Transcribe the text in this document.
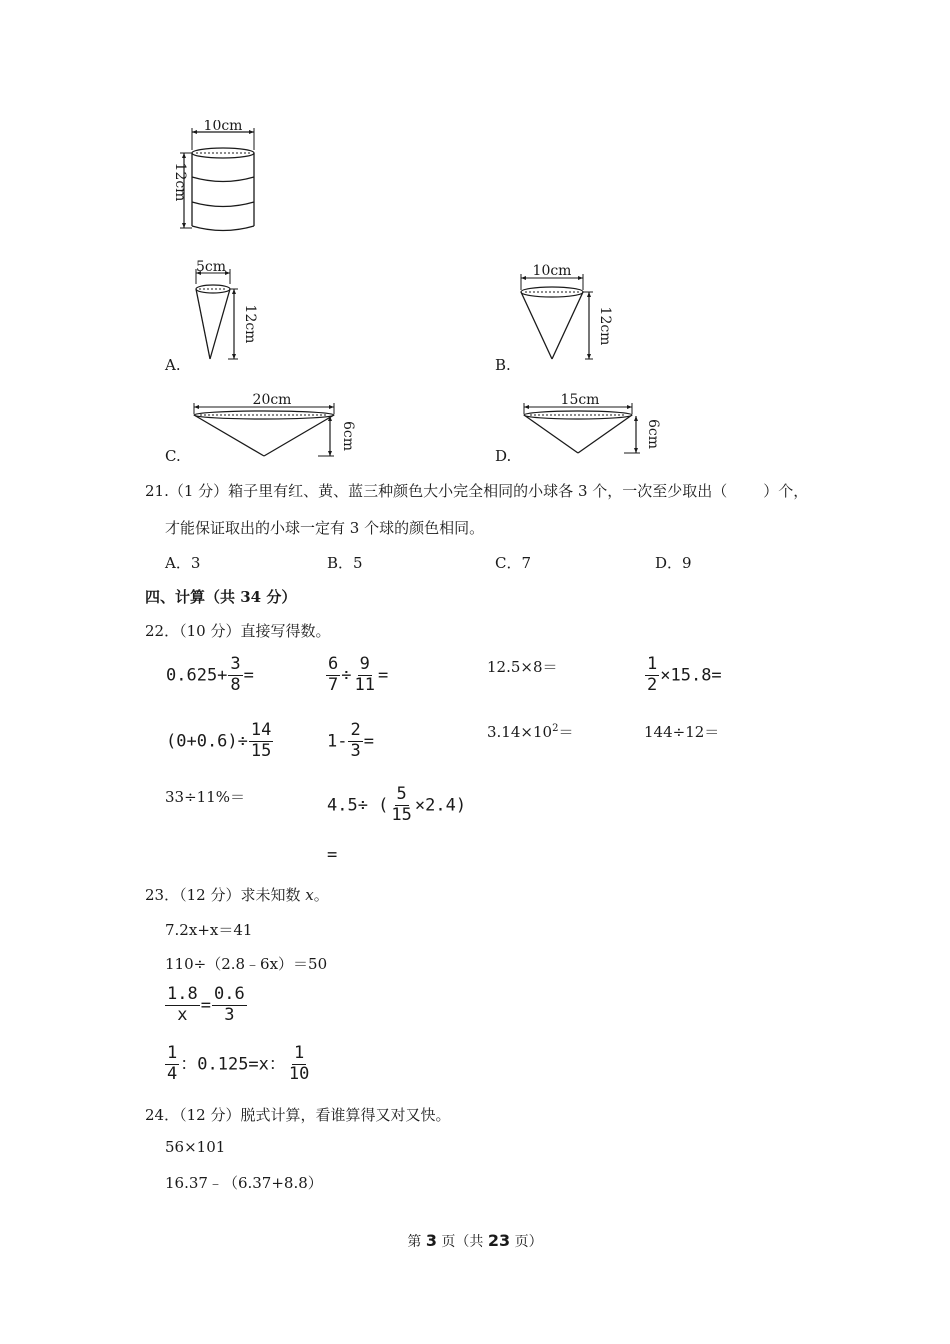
10cm
12cm
5cm
12cm
A.
10cm
12cm
B.
20cm
6cm
C.
15cm
6cm
D.
21.（1 分）箱子里有红、黄、蓝三种颜色大小完全相同的小球各 3 个，一次至少取出（ ）个，
才能保证取出的小球一定有 3 个球的颜色相同。
A．3	B．5	C．7	D．9
四、计算（共 34 分）
22．（10 分）直接写得数。
$0.625+ \frac{3}{8}$ =	$\frac{6}{7} \div \frac{9}{11}$ =	12.5×8＝	$\frac{1}{2} \times 15.8=$
$(0+0.6)\div \frac{14}{15}$	$1- \frac{2}{3}$ =	$3.14\times 10^2=$	144÷12＝
33÷11%＝	4.5÷ ( $\frac{5}{15} \times 2.4$)
=
23．（12 分）求未知数 x。
7.2x+x＝41
110÷（2.8﹣6x）＝50
$\frac{1.8}{x} = \frac{0.6}{3}$
$\frac{1}{4}$ ：0.125=x： $\frac{1}{10}$
24．（12 分）脱式计算，看谁算得又对又快。
56×101
16.37﹣（6.37+8.8）
第 3 页（共 23 页）
